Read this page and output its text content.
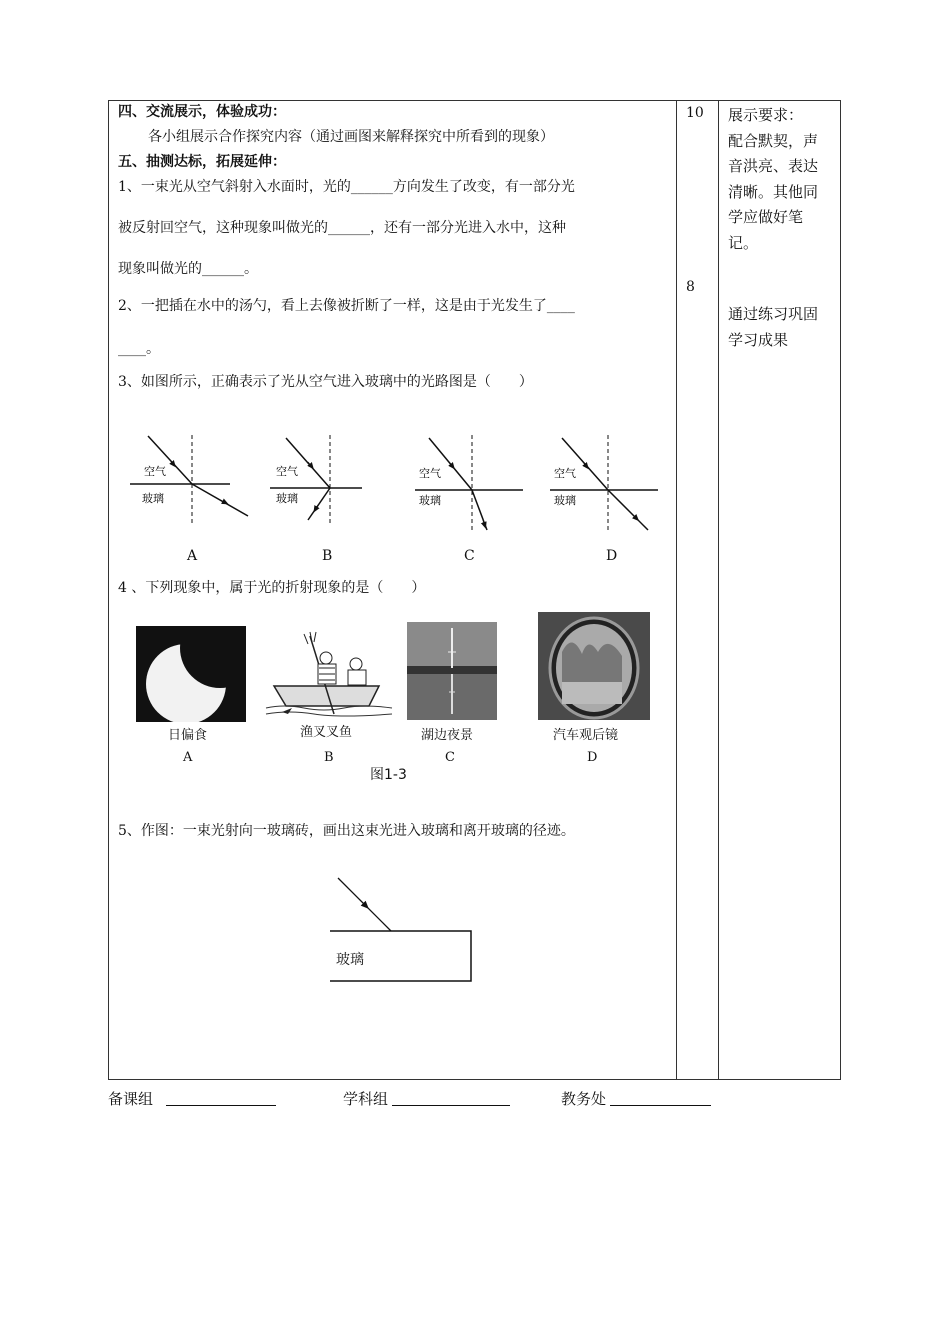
四、交流展示，体验成功：
各小组展示合作探究内容（通过画图来解释探究中所看到的现象）
五、抽测达标，拓展延伸：
1、一束光从空气斜射入水面时，光的______方向发生了改变，有一部分光
被反射回空气，这种现象叫做光的______，还有一部分光进入水中，这种
现象叫做光的______。
2、一把插在水中的汤勺，看上去像被折断了一样，这是由于光发生了____
____。
3、如图所示，正确表示了光从空气进入玻璃中的光路图是（　　）
空气
玻璃
空气
玻璃
空气
玻璃
空气
玻璃
A	B	C	D
4 、下列现象中，属于光的折射现象的是（　　）
日偏食	渔叉叉鱼	湖边夜景	汽车观后镜
A	B	C	D
图1-3
5、作图：一束光射向一玻璃砖，画出这束光进入玻璃和离开玻璃的径迹。
玻璃
10
8
展示要求：
配合默契，声
音洪亮、表达
清晰。其他同
学应做好笔
记。
通过练习巩固
学习成果
备课组	学科组	教务处
